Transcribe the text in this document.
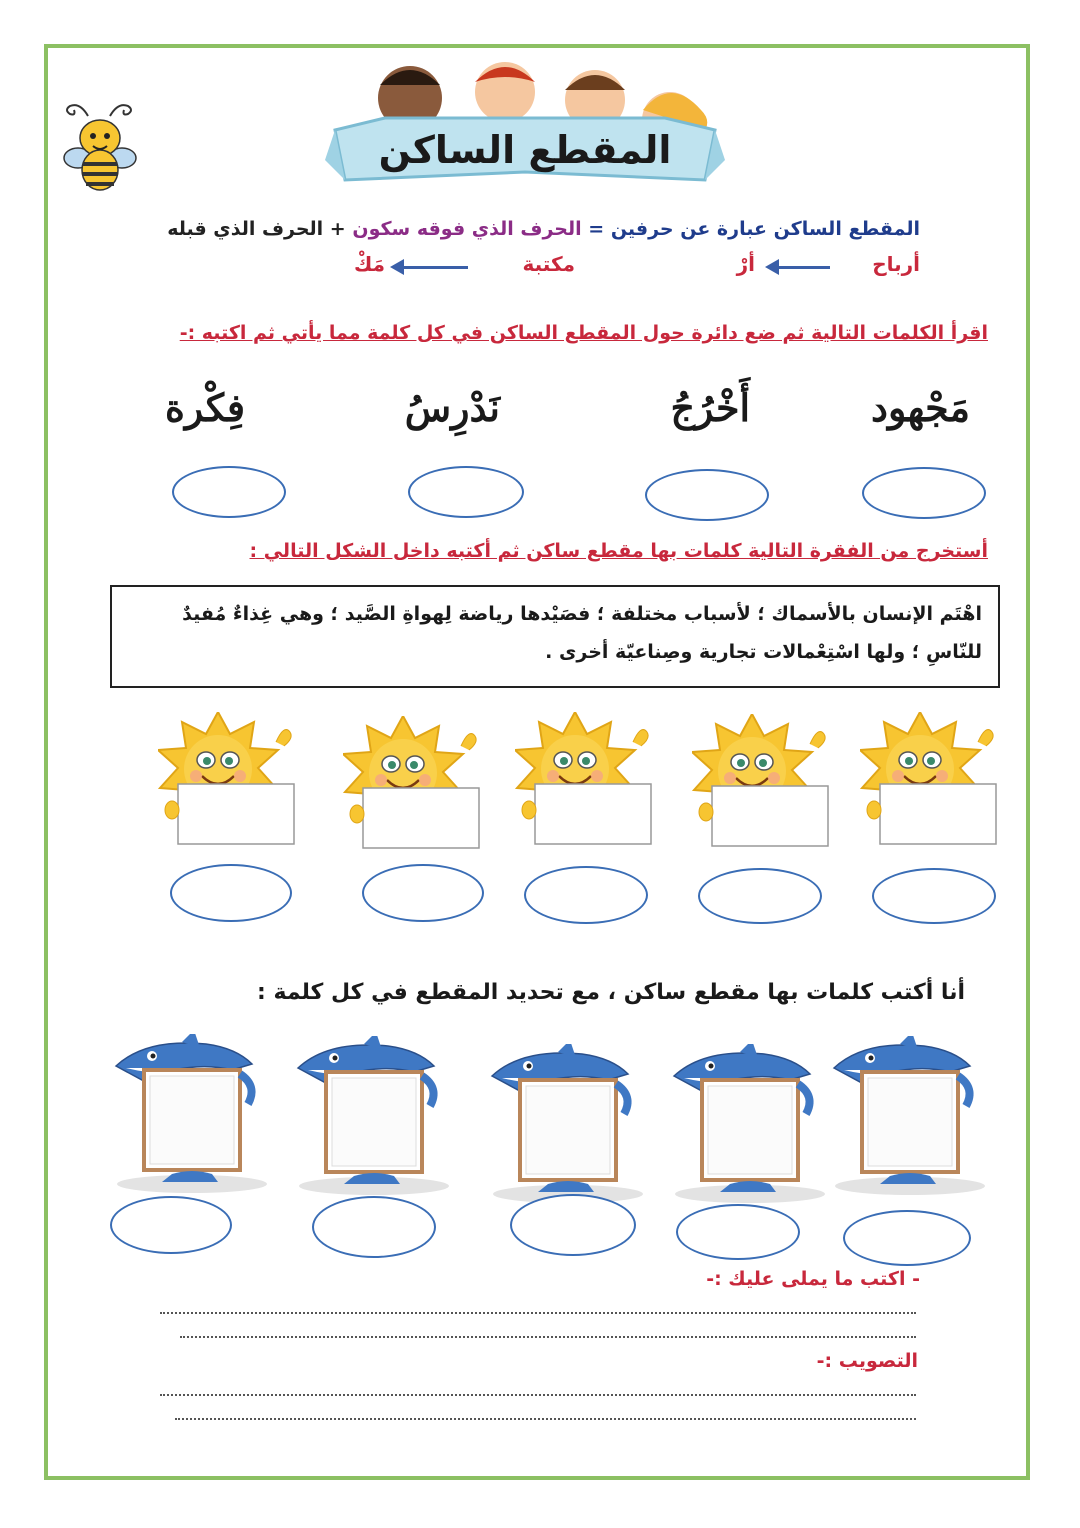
المقطع الساكن
المقطع الساكن عبارة عن حرفين = الحرف الذي فوقه سكون + الحرف الذي قبله
أرباح
أرْ
مكتبة
مَكْ
اقرأ الكلمات التالية ثم ضع دائرة حول المقطع الساكن في كل كلمة مما يأتي ثم اكتبه :-
مَجْهود
أَخْرُجُ
نَدْرِسُ
فِكْرة
أستخرج من الفقرة التالية كلمات بها مقطع ساكن ثم أكتبه داخل الشكل التالي :
اهْتَم الإنسان بالأسماك ؛ لأسباب مختلفة ؛ فصَيْدها رياضة لِهواةِ الصَّيد ؛ وهي غِذاءٌ مُفيدٌ
للنّاسِ ؛ ولها اسْتِعْمالات تجارية وصِناعيّة أخرى .
أنا أكتب كلمات بها مقطع ساكن ، مع تحديد المقطع في كل كلمة :
- اكتب ما يملى عليك :-
التصويب :-
